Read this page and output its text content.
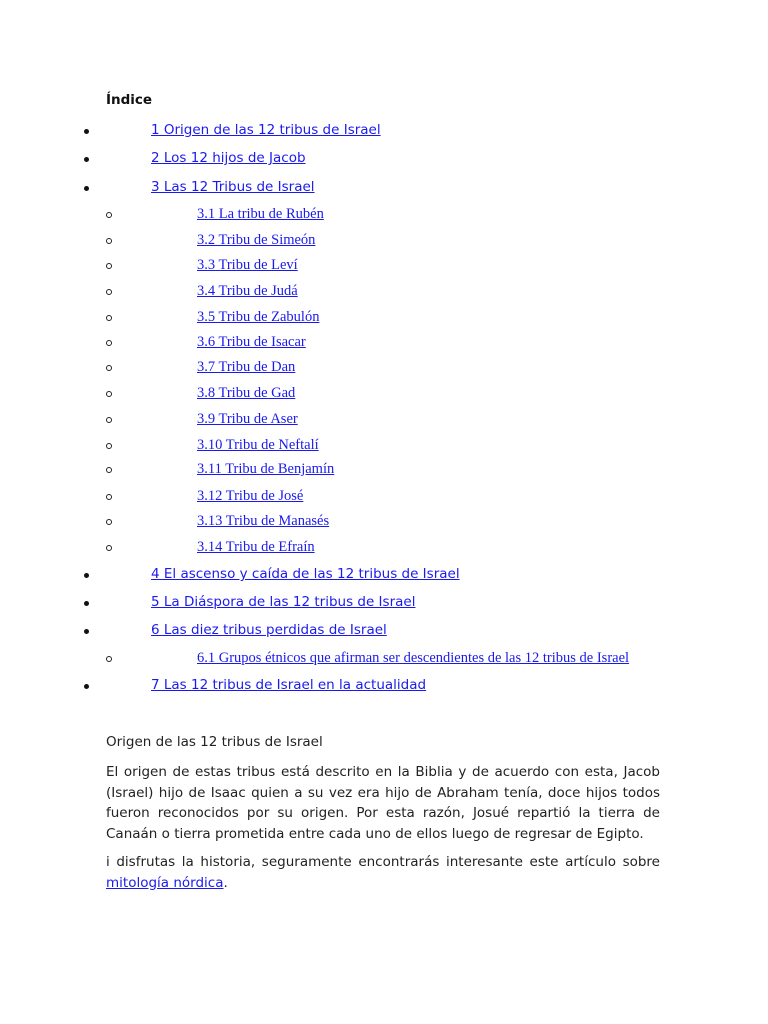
Índice
1 Origen de las 12 tribus de Israel
2 Los 12 hijos de Jacob
3 Las 12 Tribus de Israel
3.1 La tribu de Rubén
3.2 Tribu de Simeón
3.3 Tribu de Leví
3.4 Tribu de Judá
3.5 Tribu de Zabulón
3.6 Tribu de Isacar
3.7 Tribu de Dan
3.8 Tribu de Gad
3.9 Tribu de Aser
3.10 Tribu de Neftalí
3.11 Tribu de Benjamín
3.12 Tribu de José
3.13 Tribu de Manasés
3.14 Tribu de Efraín
4 El ascenso y caída de las 12 tribus de Israel
5 La Diáspora de las 12 tribus de Israel
6 Las diez tribus perdidas de Israel
6.1 Grupos étnicos que afirman ser descendientes de las 12 tribus de Israel
7 Las 12 tribus de Israel en la actualidad
Origen de las 12 tribus de Israel

El origen de estas tribus está descrito en la Biblia y de acuerdo con esta, Jacob (Israel) hijo de Isaac quien a su vez era hijo de Abraham tenía, doce hijos todos fueron reconocidos por su origen. Por esta razón, Josué repartió la tierra de Canaán o tierra prometida entre cada uno de ellos luego de regresar de Egipto.

i disfrutas la historia, seguramente encontrarás interesante este artículo sobre mitología nórdica.
